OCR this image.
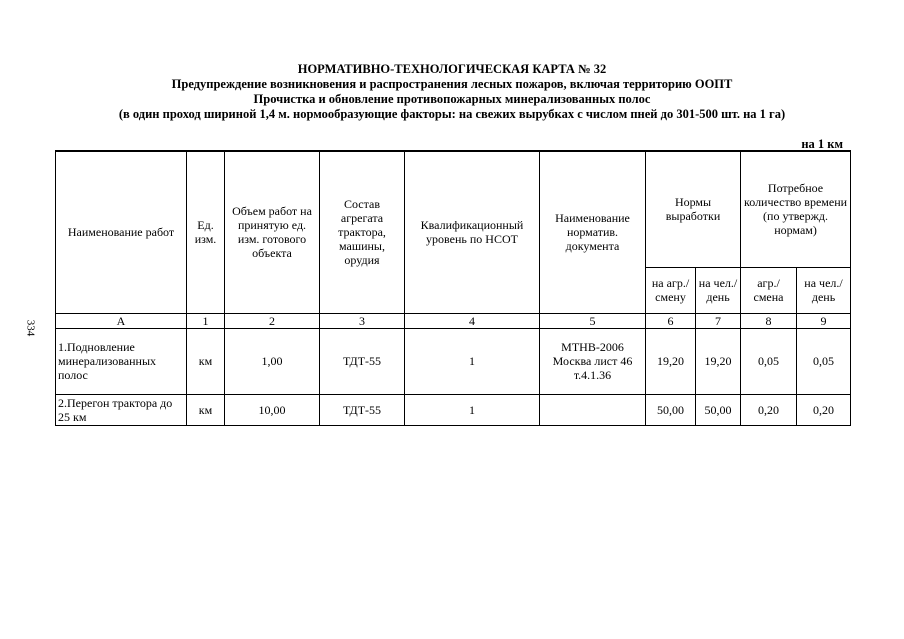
НОРМАТИВНО-ТЕХНОЛОГИЧЕСКАЯ КАРТА № 32
Предупреждение возникновения и распространения лесных пожаров, включая территорию ООПТ
Прочистка и обновление противопожарных минерализованных полос
(в один проход шириной 1,4 м. нормообразующие факторы: на свежих вырубках с числом пней до 301-500 шт. на 1 га)
на 1 км
334
Наименование работ	Ед. изм.	Объем работ на принятую ед. изм. готового объекта	Состав агрегата трактора, машины, орудия	Квалификационный уровень по НСОТ	Наименование норматив. документа	Нормы выработки		Потребное количество времени (по утвержд. нормам)	
						на агр./ смену	на чел./ день	агр./ смена	на чел./ день
А	1	2	3	4	5	6	7	8	9
1.Подновление минерализованных полос	км	1,00	ТДТ-55	1	МТНВ-2006 Москва лист 46 т.4.1.36	19,20	19,20	0,05	0,05
2.Перегон трактора до 25 км	км	10,00	ТДТ-55	1		50,00	50,00	0,20	0,20
